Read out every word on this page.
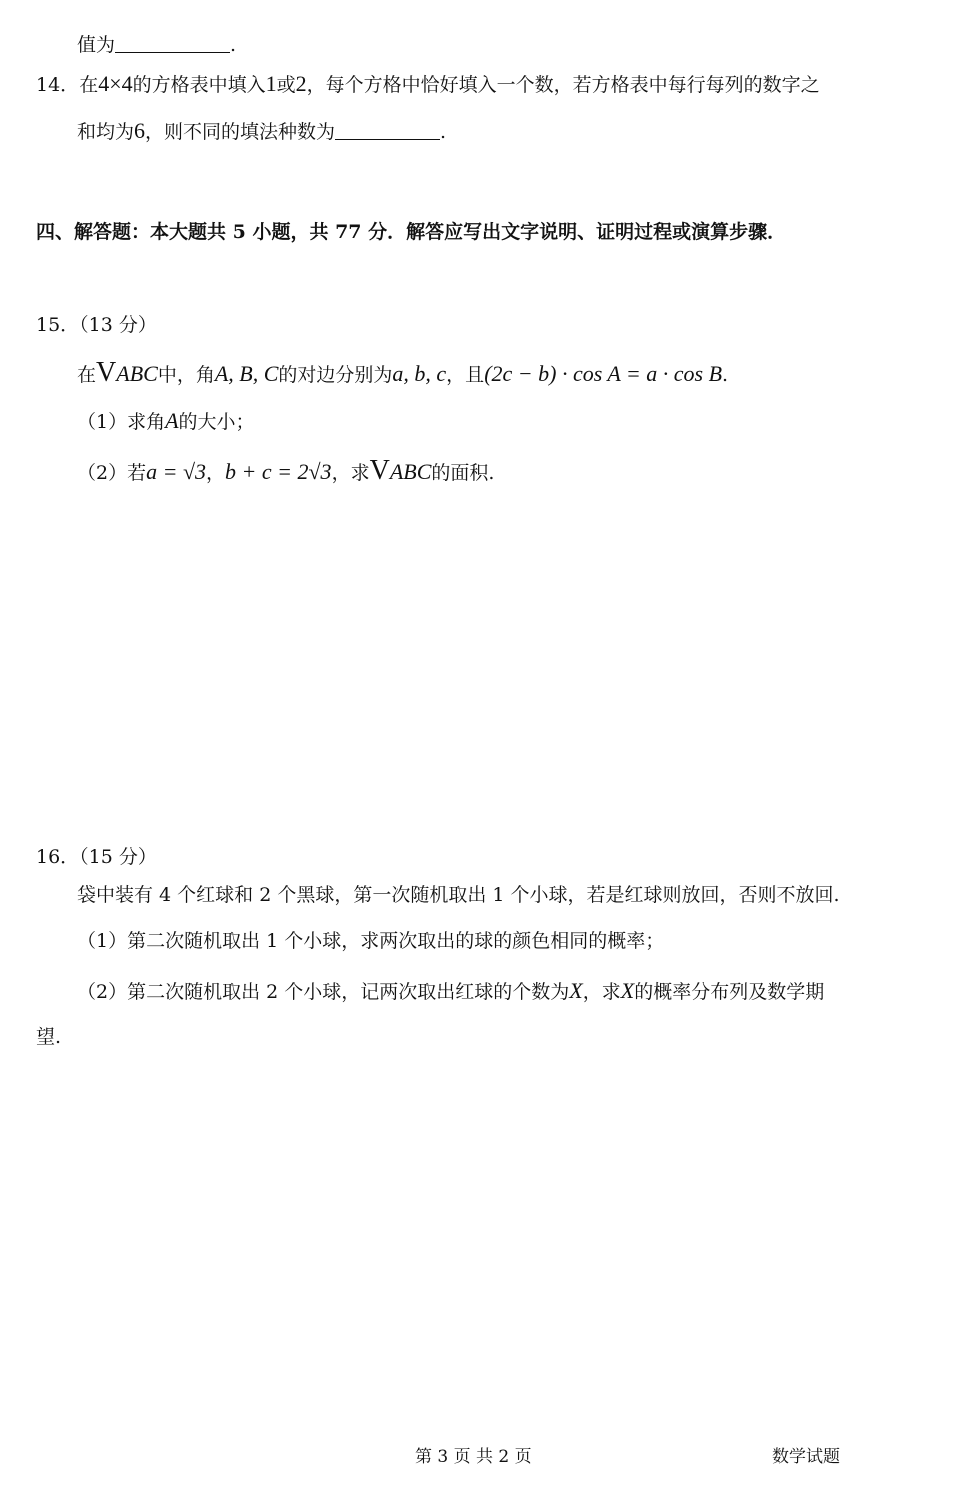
值为	.
14．在4×4的方格表中填入1或2，每个方格中恰好填入一个数，若方格表中每行每列的数字之
和均为6，则不同的填法种数为	.
四、解答题：本大题共 5 小题，共 77 分．解答应写出文字说明、证明过程或演算步骤．
15．（13 分）
在VABC中，角A, B, C的对边分别为a, b, c，且(2c − b) · cos A = a · cos B.
（1）求角A的大小；
（2）若a = √3，b + c = 2√3，求VABC的面积.
16．（15 分）
袋中装有 4 个红球和 2 个黑球，第一次随机取出 1 个小球，若是红球则放回，否则不放回.
（1）第二次随机取出 1 个小球，求两次取出的球的颜色相同的概率；
（2）第二次随机取出 2 个小球，记两次取出红球的个数为X，求X的概率分布列及数学期
望.
第 3 页 共 2 页	数学试题
